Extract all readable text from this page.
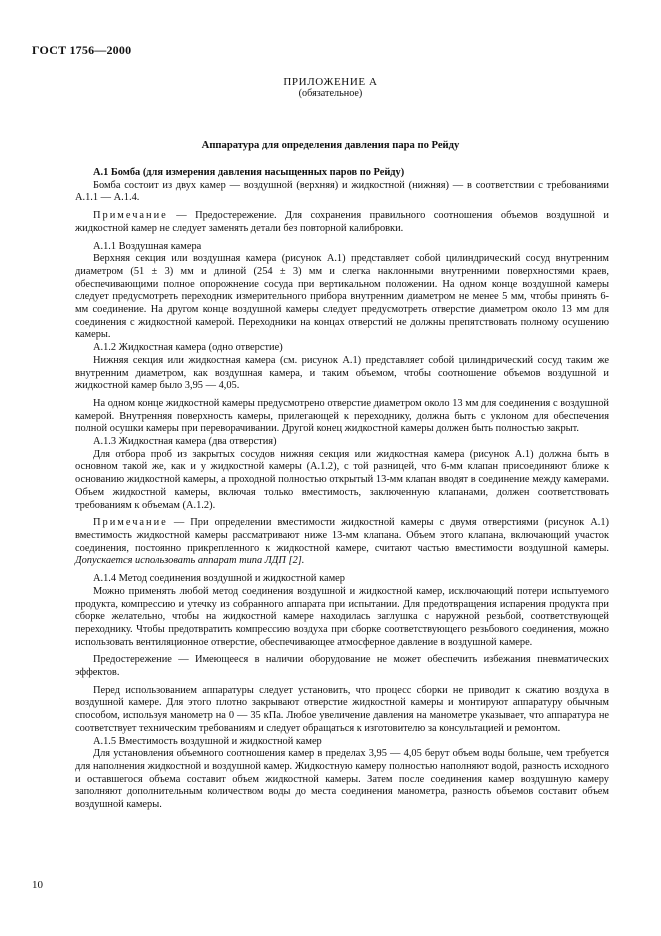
ГОСТ 1756—2000
ПРИЛОЖЕНИЕ А
(обязательное)
Аппаратура для определения давления пара по Рейду

А.1 Бомба (для измерения давления насыщенных паров по Рейду)

Бомба состоит из двух камер — воздушной (верхняя) и жидкостной (нижняя) — в соответствии с требованиями А.1.1 — А.1.4.

Примечание — Предостережение. Для сохранения правильного соотношения объемов воздушной и жидкостной камер не следует заменять детали без повторной калибровки.

А.1.1 Воздушная камера

Верхняя секция или воздушная камера (рисунок А.1) представляет собой цилиндрический сосуд внутренним диаметром (51 ± 3) мм и длиной (254 ± 3) мм и слегка наклонными внутренними поверхностями краев, обеспечивающими полное опорожнение сосуда при вертикальном положении. На одном конце воздушной камеры следует предусмотреть переходник измерительного прибора внутренним диаметром не менее 5 мм, чтобы принять 6-мм соединение. На другом конце воздушной камеры следует предусмотреть отверстие диаметром около 13 мм для соединения с жидкостной камерой. Переходники на концах отверстий не должны препятствовать полному осушению камеры.

А.1.2 Жидкостная камера (одно отверстие)

Нижняя секция или жидкостная камера (см. рисунок А.1) представляет собой цилиндрический сосуд таким же внутренним диаметром, как воздушная камера, и таким объемом, чтобы соотношение объемов воздушной и жидкостной камер было 3,95 — 4,05.

На одном конце жидкостной камеры предусмотрено отверстие диаметром около 13 мм для соединения с воздушной камерой. Внутренняя поверхность камеры, прилегающей к переходнику, должна быть с уклоном для обеспечения полной осушки камеры при переворачивании. Другой конец жидкостной камеры должен быть полностью закрыт.

А.1.3 Жидкостная камера (два отверстия)

Для отбора проб из закрытых сосудов нижняя секция или жидкостная камера (рисунок А.1) должна быть в основном такой же, как и у жидкостной камеры (А.1.2), с той разницей, что 6-мм клапан присоединяют ближе к основанию жидкостной камеры, а проходной полностью открытый 13-мм клапан вводят в соединение между камерами. Объем жидкостной камеры, включая только вместимость, заключенную клапанами, должен соответствовать требованиям к объемам (А.1.2).

Примечание — При определении вместимости жидкостной камеры с двумя отверстиями (рисунок А.1) вместимость жидкостной камеры рассматривают ниже 13-мм клапана. Объем этого клапана, включающий участок соединения, постоянно прикрепленного к жидкостной камере, считают частью вместимости воздушной камеры. Допускается использовать аппарат типа ЛДП [2].

А.1.4 Метод соединения воздушной и жидкостной камер

Можно применять любой метод соединения воздушной и жидкостной камер, исключающий потери испытуемого продукта, компрессию и утечку из собранного аппарата при испытании. Для предотвращения испарения продукта при сборке желательно, чтобы на жидкостной камере находилась заглушка с наружной резьбой, соответствующей переходнику. Чтобы предотвратить компрессию воздуха при сборке соответствующего резьбового соединения, можно использовать вентиляционное отверстие, обеспечивающее атмосферное давление в воздушной камере.

Предостережение — Имеющееся в наличии оборудование не может обеспечить избежания пневматических эффектов.

Перед использованием аппаратуры следует установить, что процесс сборки не приводит к сжатию воздуха в воздушной камере. Для этого плотно закрывают отверстие жидкостной камеры и монтируют аппаратуру обычным способом, используя манометр на 0 — 35 кПа. Любое увеличение давления на манометре указывает, что аппаратура не соответствует техническим требованиям и следует обращаться к изготовителю за консультацией и ремонтом.

А.1.5 Вместимость воздушной и жидкостной камер

Для установления объемного соотношения камер в пределах 3,95 — 4,05 берут объем воды больше, чем требуется для наполнения жидкостной и воздушной камер. Жидкостную камеру полностью наполняют водой, разность исходного и оставшегося объема составит объем жидкостной камеры. Затем после соединения камер воздушную камеру заполняют дополнительным количеством воды до места соединения манометра, разность объемов составит объем воздушной камеры.

10
